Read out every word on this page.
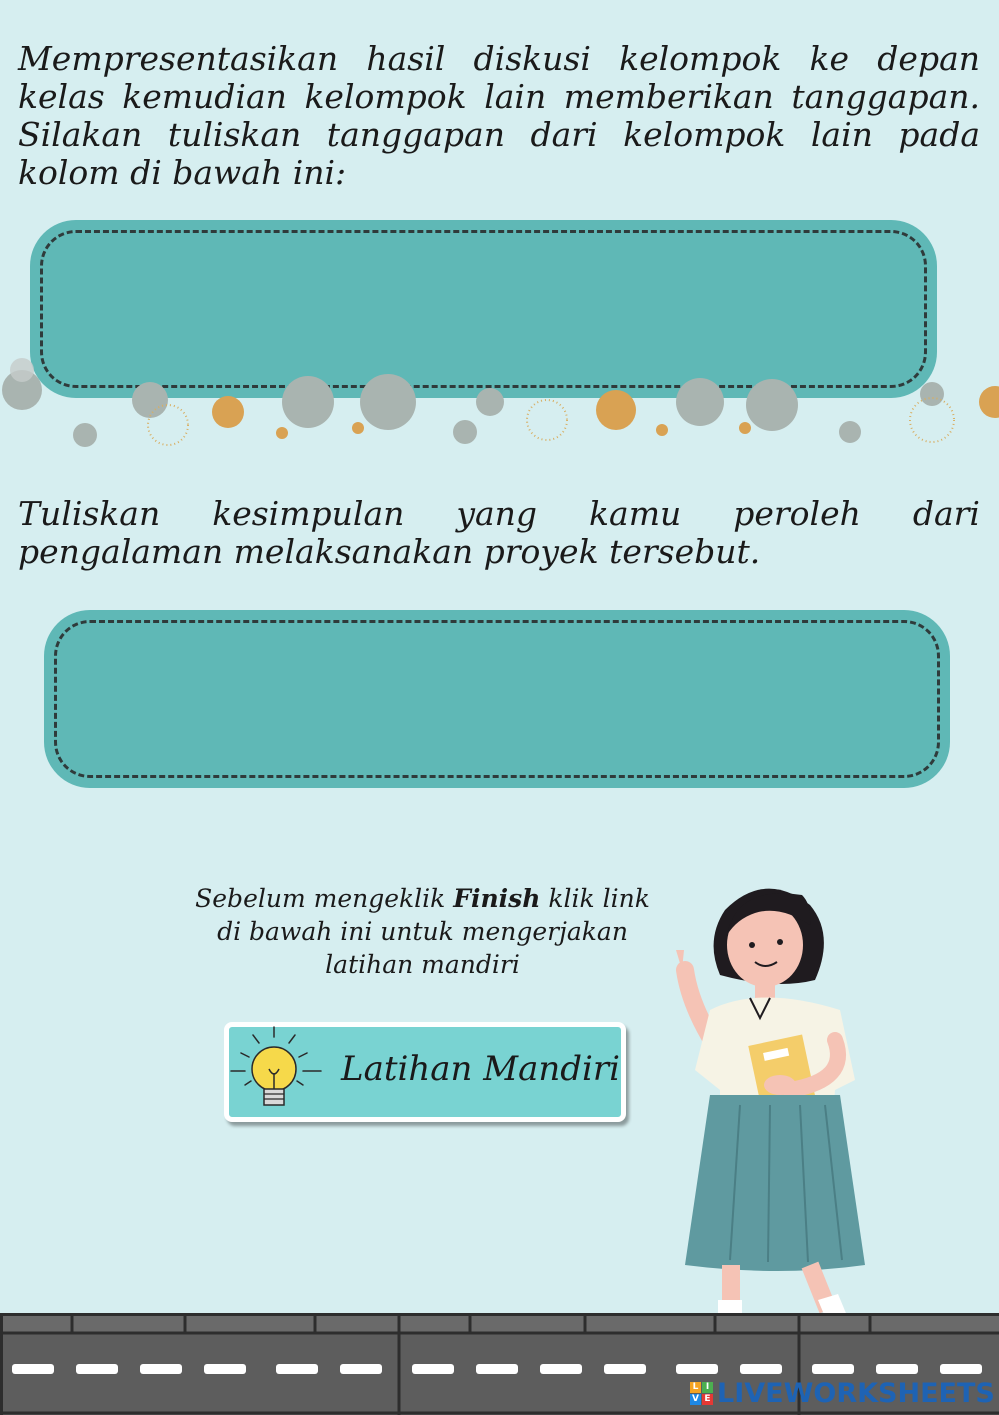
Mempresentasikan hasil diskusi kelompok ke depan kelas kemudian kelompok lain memberikan tanggapan. Silakan tuliskan tanggapan dari kelompok lain pada kolom di bawah ini:
Tuliskan kesimpulan yang kamu peroleh dari pengalaman melaksanakan proyek tersebut.
Sebelum mengeklik Finish klik link di bawah ini untuk mengerjakan latihan mandiri
Latihan Mandiri
L I
V E LIVEWORKSHEETS
